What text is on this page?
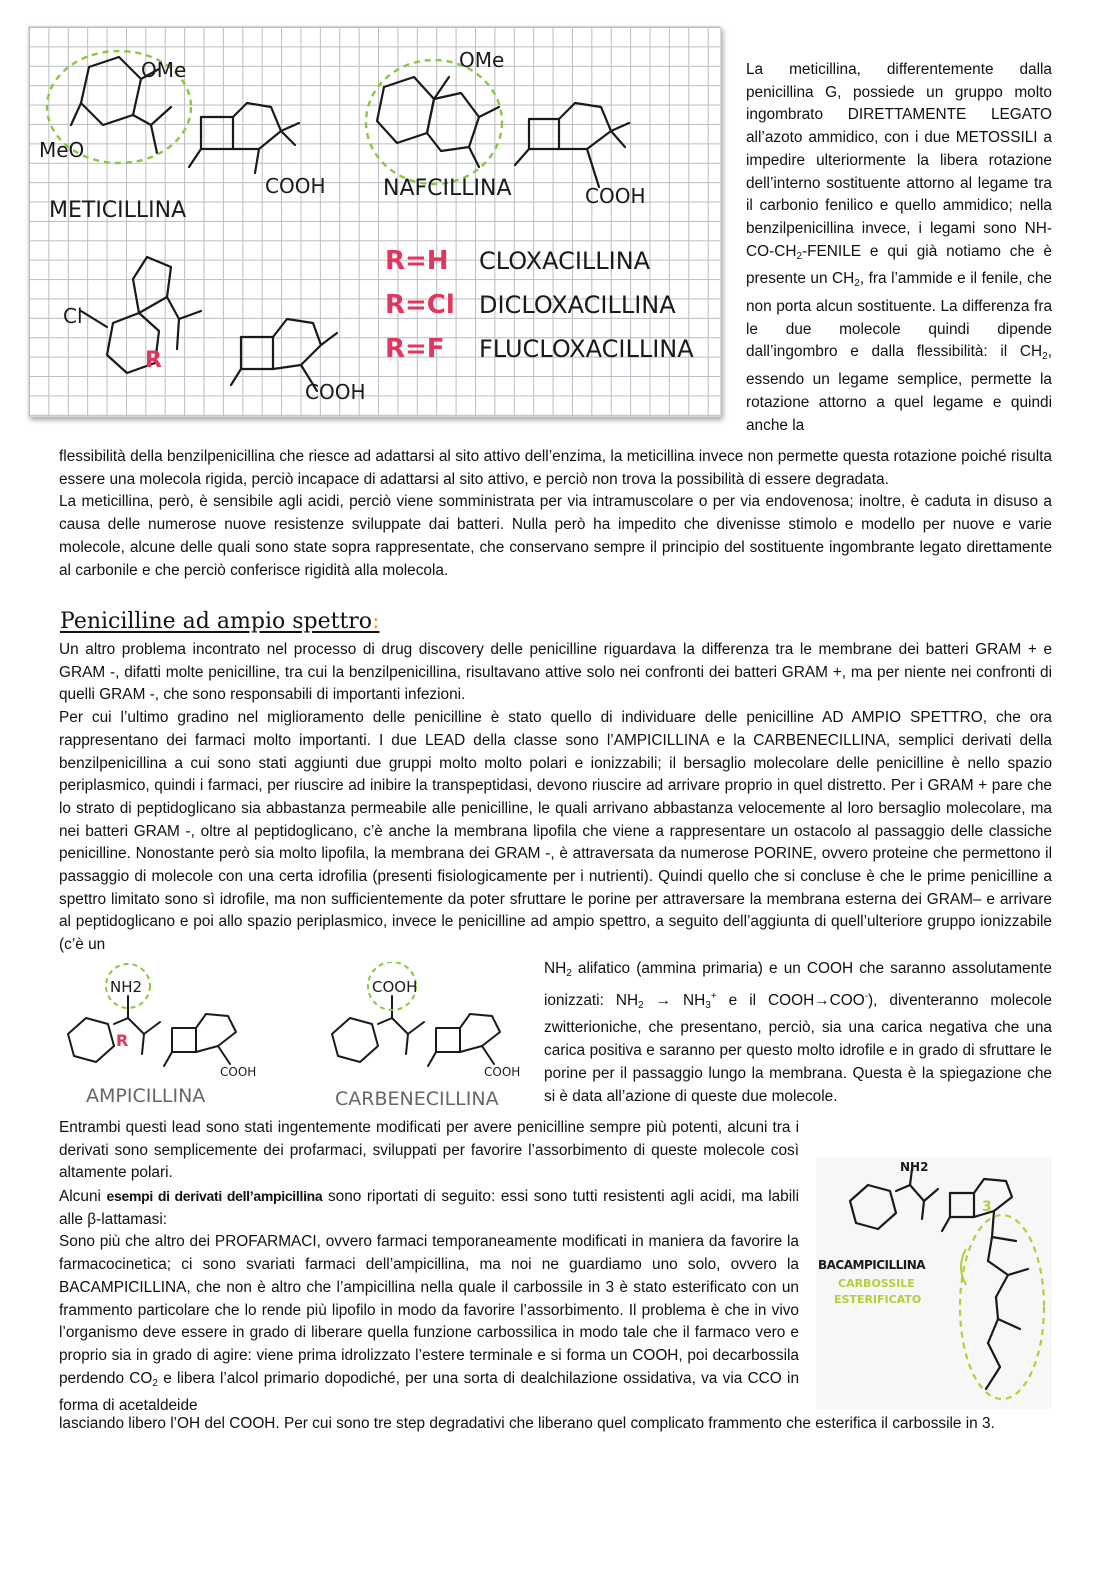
OMe
MeO
COOH
METICILLINA
OMe
NAFCILLINA	COOH
Cl
COOH
CLOXACILLINA
DICLOXACILLINA
FLUCLOXACILLINA
R
R=H
R=Cl
R=F

La meticillina, differentemente dalla penicillina G, possiede un gruppo molto ingombrato DIRETTAMENTE LEGATO all’azoto ammidico, con i due METOSSILI a impedire ulteriormente la libera rotazione dell’interno sostituente attorno al legame tra il carbonio fenilico e quello ammidico; nella benzilpenicillina invece, i legami sono $NH-CO-CH_2$-FENILE e qui già notiamo che è presente un $CH_2$, fra l’ammide e il fenile, che non porta alcun sostituente. La differenza fra le due molecole quindi dipende dall’ingombro e dalla flessibilità: il $CH_2$, essendo un legame semplice, permette la rotazione attorno a quel legame e quindi anche la

flessibilità della benzilpenicillina che riesce ad adattarsi al sito attivo dell’enzima, la meticillina invece non permette questa rotazione poiché risulta essere una molecola rigida, perciò incapace di adattarsi al sito attivo, e perciò non trova la possibilità di essere degradata.

La meticillina, però, è sensibile agli acidi, perciò viene somministrata per via intramuscolare o per via endovenosa; inoltre, è caduta in disuso a causa delle numerose nuove resistenze sviluppate dai batteri. Nulla però ha impedito che divenisse stimolo e modello per nuove e varie molecole, alcune delle quali sono state sopra rappresentate, che conservano sempre il principio del sostituente ingombrante legato direttamente al carbonile e che perciò conferisce rigidità alla molecola.

Penicilline ad ampio spettro:

Un altro problema incontrato nel processo di drug discovery delle penicilline riguardava la differenza tra le membrane dei batteri GRAM + e GRAM -, difatti molte penicilline, tra cui la benzilpenicillina, risultavano attive solo nei confronti dei batteri GRAM +, ma per niente nei confronti di quelli GRAM -, che sono responsabili di importanti infezioni.

Per cui l’ultimo gradino nel miglioramento delle penicilline è stato quello di individuare delle penicilline AD AMPIO SPETTRO, che ora rappresentano dei farmaci molto importanti. I due LEAD della classe sono l’AMPICILLINA e la CARBENECILLINA, semplici derivati della benzilpenicillina a cui sono stati aggiunti due gruppi molto molto polari e ionizzabili; il bersaglio molecolare delle penicilline è nello spazio periplasmico, quindi i farmaci, per riuscire ad inibire la transpeptidasi, devono riuscire ad arrivare proprio in quel distretto. Per i GRAM + pare che lo strato di peptidoglicano sia abbastanza permeabile alle penicilline, le quali arrivano abbastanza velocemente al loro bersaglio molecolare, ma nei batteri GRAM -, oltre al peptidoglicano, c’è anche la membrana lipofila che viene a rappresentare un ostacolo al passaggio delle classiche penicilline. Nonostante però sia molto lipofila, la membrana dei GRAM -, è attraversata da numerose PORINE, ovvero proteine che permettono il passaggio di molecole con una certa idrofilia (presenti fisiologicamente per i nutrienti). Quindi quello che si concluse è che le prime penicilline a spettro limitato sono sì idrofile, ma non sufficientemente da poter sfruttare le porine per attraversare la membrana esterna dei GRAM– e arrivare al peptidoglicano e poi allo spazio periplasmico, invece le penicilline ad ampio spettro, a seguito dell’aggiunta di quell’ulteriore gruppo ionizzabile (c’è un

NH2	COOH
COOH	COOH
R
AMPICILLINA	CARBENECILLINA

$NH_2$ alifatico (ammina primaria) e un COOH che saranno assolutamente ionizzati: $NH_2 \to NH_3^+$ e il COOH→COO-), diventeranno molecole zwitterioniche, che presentano, perciò, sia una carica negativa che una carica positiva e saranno per questo molto idrofile e in grado di sfruttare le porine per il passaggio lungo la membrana. Questa è la spiegazione che si è data all’azione di queste due molecole.

Entrambi questi lead sono stati ingentemente modificati per avere penicilline sempre più potenti, alcuni tra i derivati sono semplicemente dei profarmaci, sviluppati per favorire l’assorbimento di queste molecole così altamente polari.	NH2
3
BACAMPICILLINA
CARBOSSILE
ESTERIFICATO

Alcuni esempi di derivati dell’ampicillina sono riportati di seguito: essi sono tutti resistenti agli acidi, ma labili alle β-lattamasi:

Sono più che altro dei PROFARMACI, ovvero farmaci temporaneamente modificati in maniera da favorire la farmacocinetica; ci sono svariati farmaci dell’ampicillina, ma noi ne guardiamo uno solo, ovvero la BACAMPICILLINA, che non è altro che l’ampicillina nella quale il carbossile in 3 è stato esterificato con un frammento particolare che lo rende più lipofilo in modo da favorire l’assorbimento. Il problema è che in vivo l’organismo deve essere in grado di liberare quella funzione carbossilica in modo tale che il farmaco vero e proprio sia in grado di agire: viene prima idrolizzato l’estere terminale e si forma un COOH, poi decarbossila perdendo $CO_2$ e libera l’alcol primario dopodiché, per una sorta di dealchilazione ossidativa, va via CCO in forma di acetaldeide

lasciando libero l’OH del COOH. Per cui sono tre step degradativi che liberano quel complicato frammento che esterifica il carbossile in 3.
